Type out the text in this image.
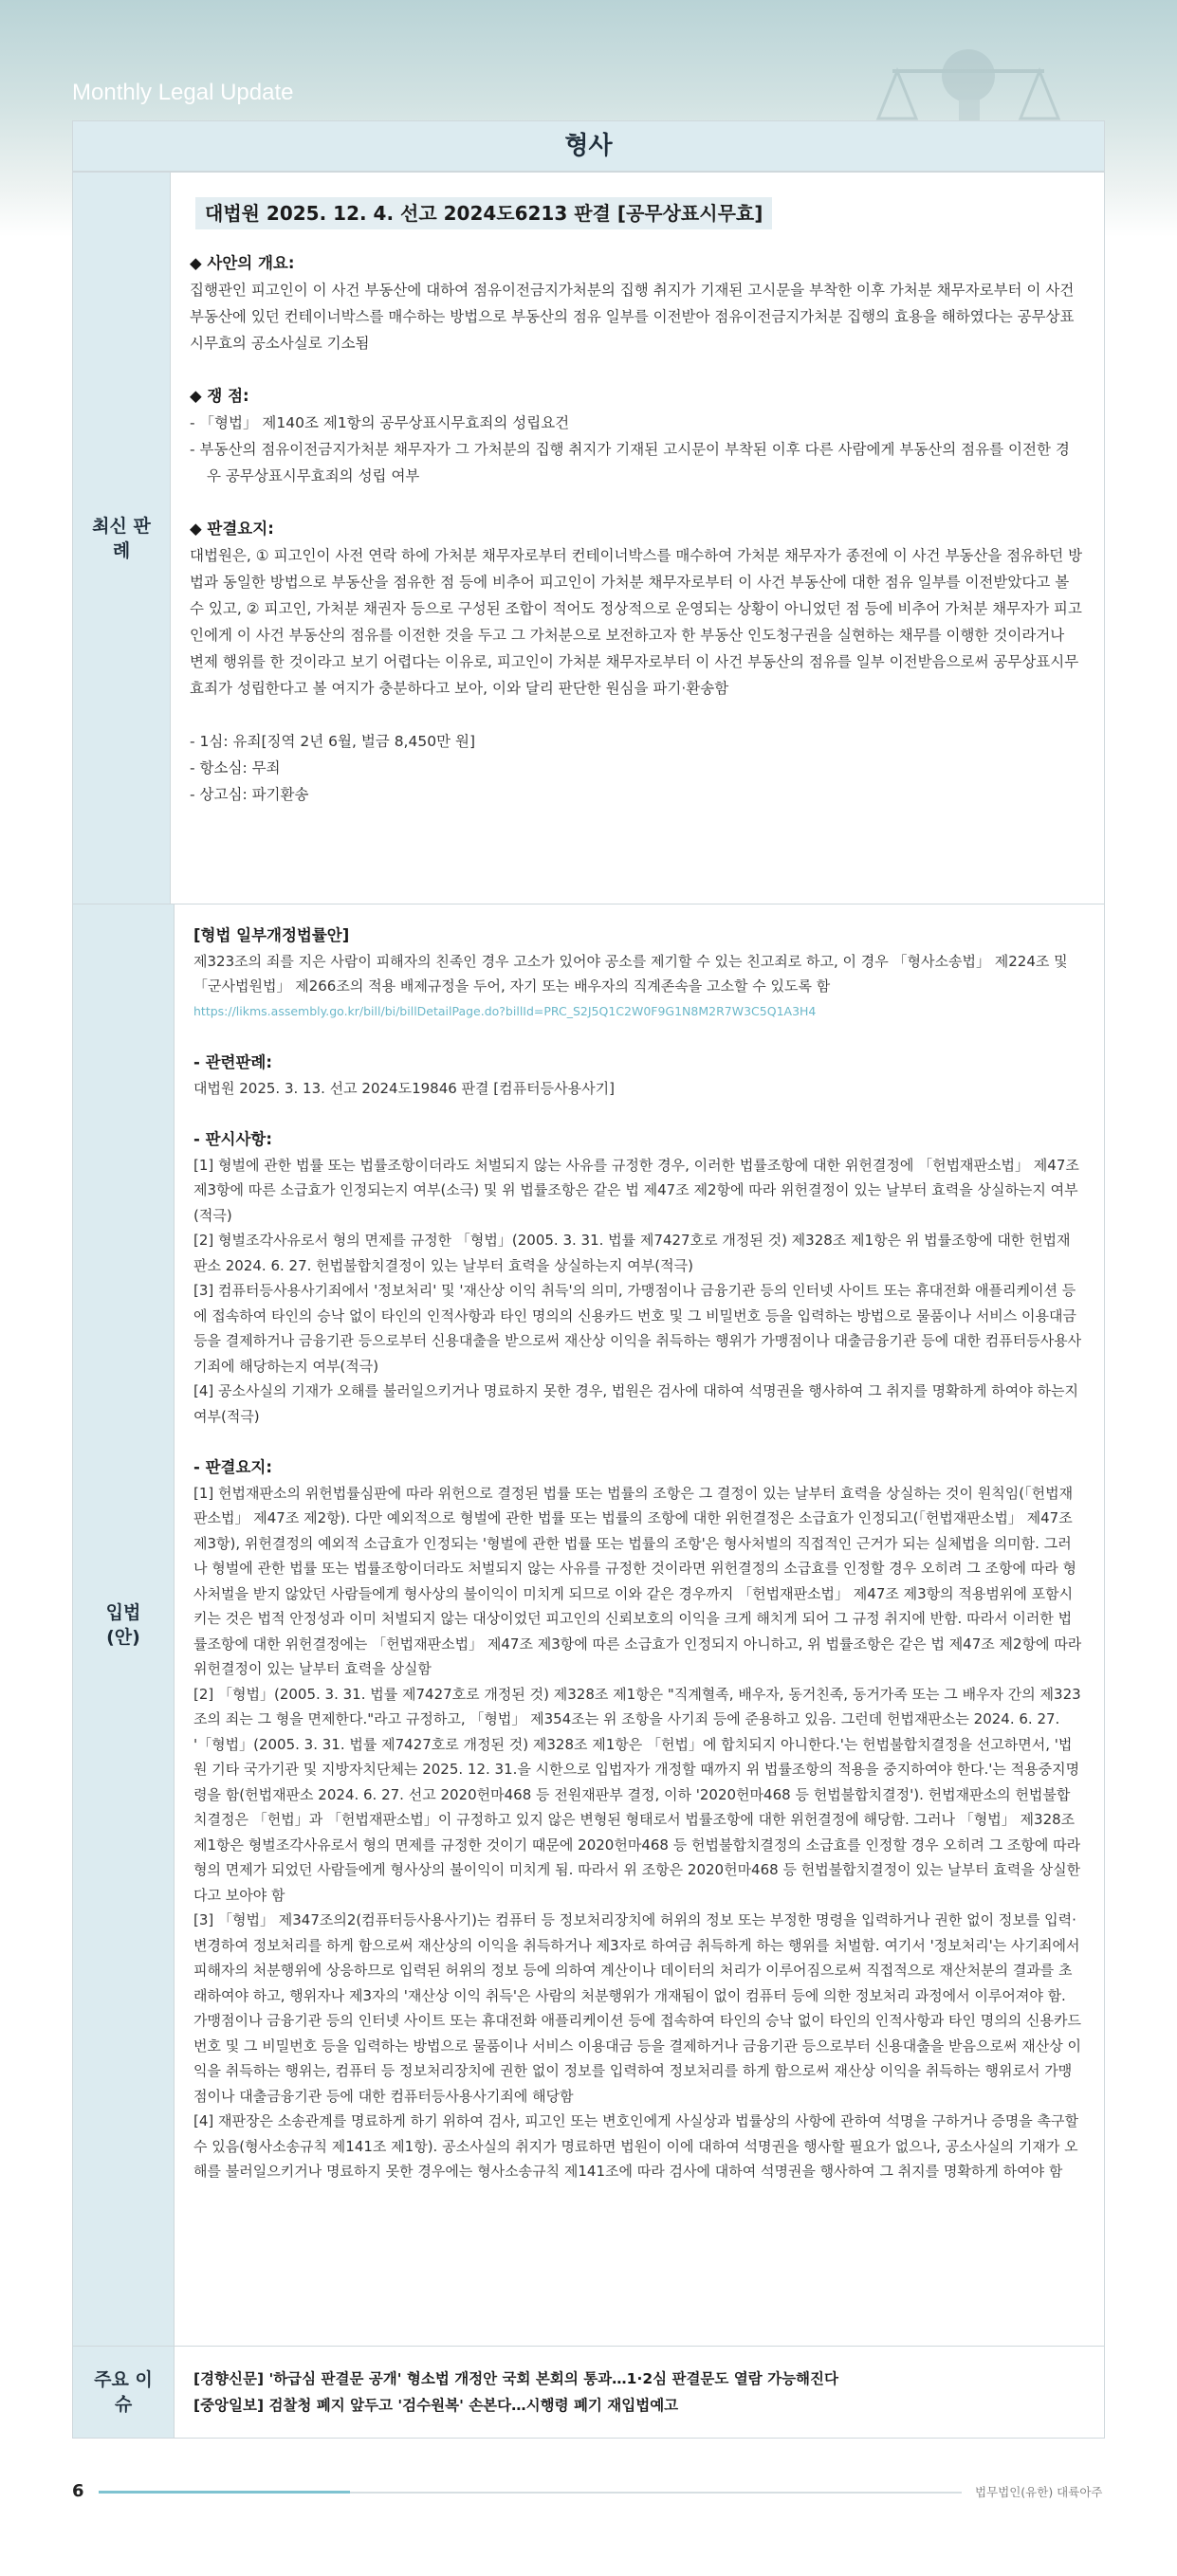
Monthly Legal Update
형사
최신 판례
대법원 2025. 12. 4. 선고 2024도6213 판결 [공무상표시무효]

◆ 사안의 개요:

집행관인 피고인이 이 사건 부동산에 대하여 점유이전금지가처분의 집행 취지가 기재된 고시문을 부착한 이후 가처분 채무자로부터 이 사건 부동산에 있던 컨테이너박스를 매수하는 방법으로 부동산의 점유 일부를 이전받아 점유이전금지가처분 집행의 효용을 해하였다는 공무상표시무효의 공소사실로 기소됨

◆ 쟁 점:

- 「형법」 제140조 제1항의 공무상표시무효죄의 성립요건

- 부동산의 점유이전금지가처분 채무자가 그 가처분의 집행 취지가 기재된 고시문이 부착된 이후 다른 사람에게 부동산의 점유를 이전한 경우 공무상표시무효죄의 성립 여부

◆ 판결요지:

대법원은, ① 피고인이 사전 연락 하에 가처분 채무자로부터 컨테이너박스를 매수하여 가처분 채무자가 종전에 이 사건 부동산을 점유하던 방법과 동일한 방법으로 부동산을 점유한 점 등에 비추어 피고인이 가처분 채무자로부터 이 사건 부동산에 대한 점유 일부를 이전받았다고 볼 수 있고, ② 피고인, 가처분 채권자 등으로 구성된 조합이 적어도 정상적으로 운영되는 상황이 아니었던 점 등에 비추어 가처분 채무자가 피고인에게 이 사건 부동산의 점유를 이전한 것을 두고 그 가처분으로 보전하고자 한 부동산 인도청구권을 실현하는 채무를 이행한 것이라거나 변제 행위를 한 것이라고 보기 어렵다는 이유로, 피고인이 가처분 채무자로부터 이 사건 부동산의 점유를 일부 이전받음으로써 공무상표시무효죄가 성립한다고 볼 여지가 충분하다고 보아, 이와 달리 판단한 원심을 파기·환송함

- 1심: 유죄[징역 2년 6월, 벌금 8,450만 원]

- 항소심: 무죄

- 상고심: 파기환송

입법 (안)

[형법 일부개정법률안]

제323조의 죄를 지은 사람이 피해자의 친족인 경우 고소가 있어야 공소를 제기할 수 있는 친고죄로 하고, 이 경우 「형사소송법」 제224조 및 「군사법원법」 제266조의 적용 배제규정을 두어, 자기 또는 배우자의 직계존속을 고소할 수 있도록 함

https://likms.assembly.go.kr/bill/bi/billDetailPage.do?billId=PRC_S2J5Q1C2W0F9G1N8M2R7W3C5Q1A3H4

- 관련판례:

대법원 2025. 3. 13. 선고 2024도19846 판결 [컴퓨터등사용사기]

- 판시사항:

[1] 형벌에 관한 법률 또는 법률조항이더라도 처벌되지 않는 사유를 규정한 경우, 이러한 법률조항에 대한 위헌결정에 「헌법재판소법」 제47조 제3항에 따른 소급효가 인정되는지 여부(소극) 및 위 법률조항은 같은 법 제47조 제2항에 따라 위헌결정이 있는 날부터 효력을 상실하는지 여부(적극)

[2] 형벌조각사유로서 형의 면제를 규정한 「형법」(2005. 3. 31. 법률 제7427호로 개정된 것) 제328조 제1항은 위 법률조항에 대한 헌법재판소 2024. 6. 27. 헌법불합치결정이 있는 날부터 효력을 상실하는지 여부(적극)

[3] 컴퓨터등사용사기죄에서 '정보처리' 및 '재산상 이익 취득'의 의미, 가맹점이나 금융기관 등의 인터넷 사이트 또는 휴대전화 애플리케이션 등에 접속하여 타인의 승낙 없이 타인의 인적사항과 타인 명의의 신용카드 번호 및 그 비밀번호 등을 입력하는 방법으로 물품이나 서비스 이용대금 등을 결제하거나 금융기관 등으로부터 신용대출을 받으로써 재산상 이익을 취득하는 행위가 가맹점이나 대출금융기관 등에 대한 컴퓨터등사용사기죄에 해당하는지 여부(적극)

[4] 공소사실의 기재가 오해를 불러일으키거나 명료하지 못한 경우, 법원은 검사에 대하여 석명권을 행사하여 그 취지를 명확하게 하여야 하는지 여부(적극)

- 판결요지:

[1] 헌법재판소의 위헌법률심판에 따라 위헌으로 결정된 법률 또는 법률의 조항은 그 결정이 있는 날부터 효력을 상실하는 것이 원칙임(「헌법재판소법」 제47조 제2항). 다만 예외적으로 형벌에 관한 법률 또는 법률의 조항에 대한 위헌결정은 소급효가 인정되고(「헌법재판소법」 제47조 제3항), 위헌결정의 예외적 소급효가 인정되는 '형벌에 관한 법률 또는 법률의 조항'은 형사처벌의 직접적인 근거가 되는 실체법을 의미함. 그러나 형벌에 관한 법률 또는 법률조항이더라도 처벌되지 않는 사유를 규정한 것이라면 위헌결정의 소급효를 인정할 경우 오히려 그 조항에 따라 형사처벌을 받지 않았던 사람들에게 형사상의 불이익이 미치게 되므로 이와 같은 경우까지 「헌법재판소법」 제47조 제3항의 적용범위에 포함시키는 것은 법적 안정성과 이미 처벌되지 않는 대상이었던 피고인의 신뢰보호의 이익을 크게 해치게 되어 그 규정 취지에 반함. 따라서 이러한 법률조항에 대한 위헌결정에는 「헌법재판소법」 제47조 제3항에 따른 소급효가 인정되지 아니하고, 위 법률조항은 같은 법 제47조 제2항에 따라 위헌결정이 있는 날부터 효력을 상실함

[2] 「형법」(2005. 3. 31. 법률 제7427호로 개정된 것) 제328조 제1항은 "직계혈족, 배우자, 동거친족, 동거가족 또는 그 배우자 간의 제323조의 죄는 그 형을 면제한다."라고 규정하고, 「형법」 제354조는 위 조항을 사기죄 등에 준용하고 있음. 그런데 헌법재판소는 2024. 6. 27. '「형법」(2005. 3. 31. 법률 제7427호로 개정된 것) 제328조 제1항은 「헌법」에 합치되지 아니한다.'는 헌법불합치결정을 선고하면서, '법원 기타 국가기관 및 지방자치단체는 2025. 12. 31.을 시한으로 입법자가 개정할 때까지 위 법률조항의 적용을 중지하여야 한다.'는 적용중지명령을 함(헌법재판소 2024. 6. 27. 선고 2020헌마468 등 전원재판부 결정, 이하 '2020헌마468 등 헌법불합치결정'). 헌법재판소의 헌법불합치결정은 「헌법」과 「헌법재판소법」이 규정하고 있지 않은 변형된 형태로서 법률조항에 대한 위헌결정에 해당함. 그러나 「형법」 제328조 제1항은 형벌조각사유로서 형의 면제를 규정한 것이기 때문에 2020헌마468 등 헌법불합치결정의 소급효를 인정할 경우 오히려 그 조항에 따라 형의 면제가 되었던 사람들에게 형사상의 불이익이 미치게 됨. 따라서 위 조항은 2020헌마468 등 헌법불합치결정이 있는 날부터 효력을 상실한다고 보아야 함

[3] 「형법」 제347조의2(컴퓨터등사용사기)는 컴퓨터 등 정보처리장치에 허위의 정보 또는 부정한 명령을 입력하거나 권한 없이 정보를 입력·변경하여 정보처리를 하게 함으로써 재산상의 이익을 취득하거나 제3자로 하여금 취득하게 하는 행위를 처벌함. 여기서 '정보처리'는 사기죄에서 피해자의 처분행위에 상응하므로 입력된 허위의 정보 등에 의하여 계산이나 데이터의 처리가 이루어짐으로써 직접적으로 재산처분의 결과를 초래하여야 하고, 행위자나 제3자의 '재산상 이익 취득'은 사람의 처분행위가 개재됨이 없이 컴퓨터 등에 의한 정보처리 과정에서 이루어져야 함. 가맹점이나 금융기관 등의 인터넷 사이트 또는 휴대전화 애플리케이션 등에 접속하여 타인의 승낙 없이 타인의 인적사항과 타인 명의의 신용카드 번호 및 그 비밀번호 등을 입력하는 방법으로 물품이나 서비스 이용대금 등을 결제하거나 금융기관 등으로부터 신용대출을 받음으로써 재산상 이익을 취득하는 행위는, 컴퓨터 등 정보처리장치에 권한 없이 정보를 입력하여 정보처리를 하게 함으로써 재산상 이익을 취득하는 행위로서 가맹점이나 대출금융기관 등에 대한 컴퓨터등사용사기죄에 해당함

[4] 재판장은 소송관계를 명료하게 하기 위하여 검사, 피고인 또는 변호인에게 사실상과 법률상의 사항에 관하여 석명을 구하거나 증명을 촉구할 수 있음(형사소송규칙 제141조 제1항). 공소사실의 취지가 명료하면 법원이 이에 대하여 석명권을 행사할 필요가 없으나, 공소사실의 기재가 오해를 불러일으키거나 명료하지 못한 경우에는 형사소송규칙 제141조에 따라 검사에 대하여 석명권을 행사하여 그 취지를 명확하게 하여야 함

주요 이슈

[경향신문] '하급심 판결문 공개' 형소법 개정안 국회 본회의 통과…1·2심 판결문도 열람 가능해진다

[중앙일보] 검찰청 폐지 앞두고 '검수원복' 손본다…시행령 폐기 재입법예고

6	법무법인(유한) 대륙아주
